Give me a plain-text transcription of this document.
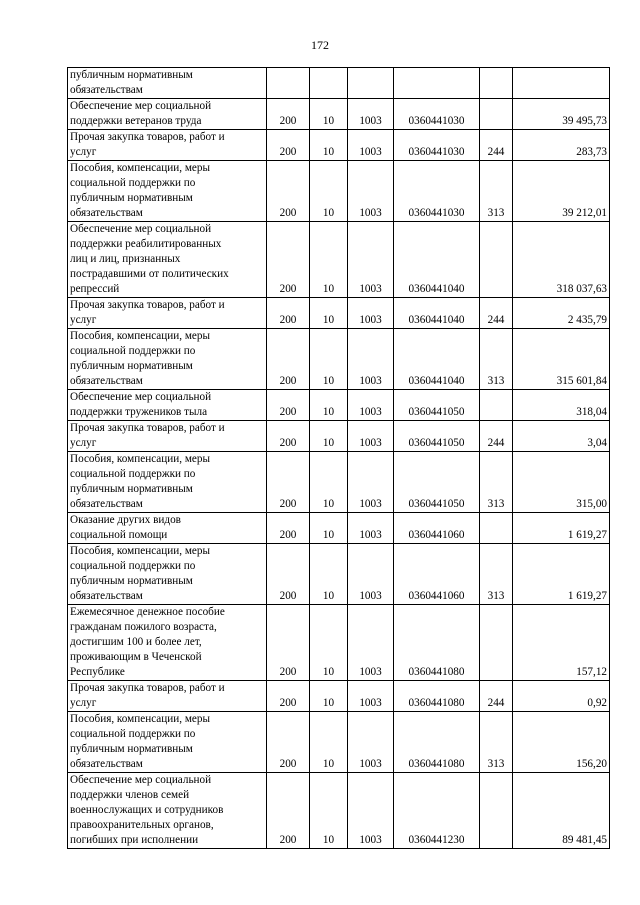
172
публичным нормативным
обязательствам						

Обеспечение мер социальной
поддержки ветеранов труда	200	10	1003	0360441030		39 495,73

Прочая закупка товаров, работ и
услуг	200	10	1003	0360441030	244	283,73

Пособия, компенсации, меры
социальной поддержки по
публичным нормативным
обязательствам	200	10	1003	0360441030	313	39 212,01

Обеспечение мер социальной
поддержки реабилитированных
лиц и лиц, признанных
пострадавшими от политических
репрессий	200	10	1003	0360441040		318 037,63

Прочая закупка товаров, работ и
услуг	200	10	1003	0360441040	244	2 435,79

Пособия, компенсации, меры
социальной поддержки по
публичным нормативным
обязательствам	200	10	1003	0360441040	313	315 601,84

Обеспечение мер социальной
поддержки тружеников тыла	200	10	1003	0360441050		318,04

Прочая закупка товаров, работ и
услуг	200	10	1003	0360441050	244	3,04

Пособия, компенсации, меры
социальной поддержки по
публичным нормативным
обязательствам	200	10	1003	0360441050	313	315,00

Оказание других видов
социальной помощи	200	10	1003	0360441060		1 619,27

Пособия, компенсации, меры
социальной поддержки по
публичным нормативным
обязательствам	200	10	1003	0360441060	313	1 619,27

Ежемесячное денежное пособие
гражданам пожилого возраста,
достигшим 100 и более лет,
проживающим в Чеченской
Республике	200	10	1003	0360441080		157,12

Прочая закупка товаров, работ и
услуг	200	10	1003	0360441080	244	0,92

Пособия, компенсации, меры
социальной поддержки по
публичным нормативным
обязательствам	200	10	1003	0360441080	313	156,20

Обеспечение мер социальной
поддержки членов семей
военнослужащих и сотрудников
правоохранительных органов,
погибших при исполнении	200	10	1003	0360441230		89 481,45
